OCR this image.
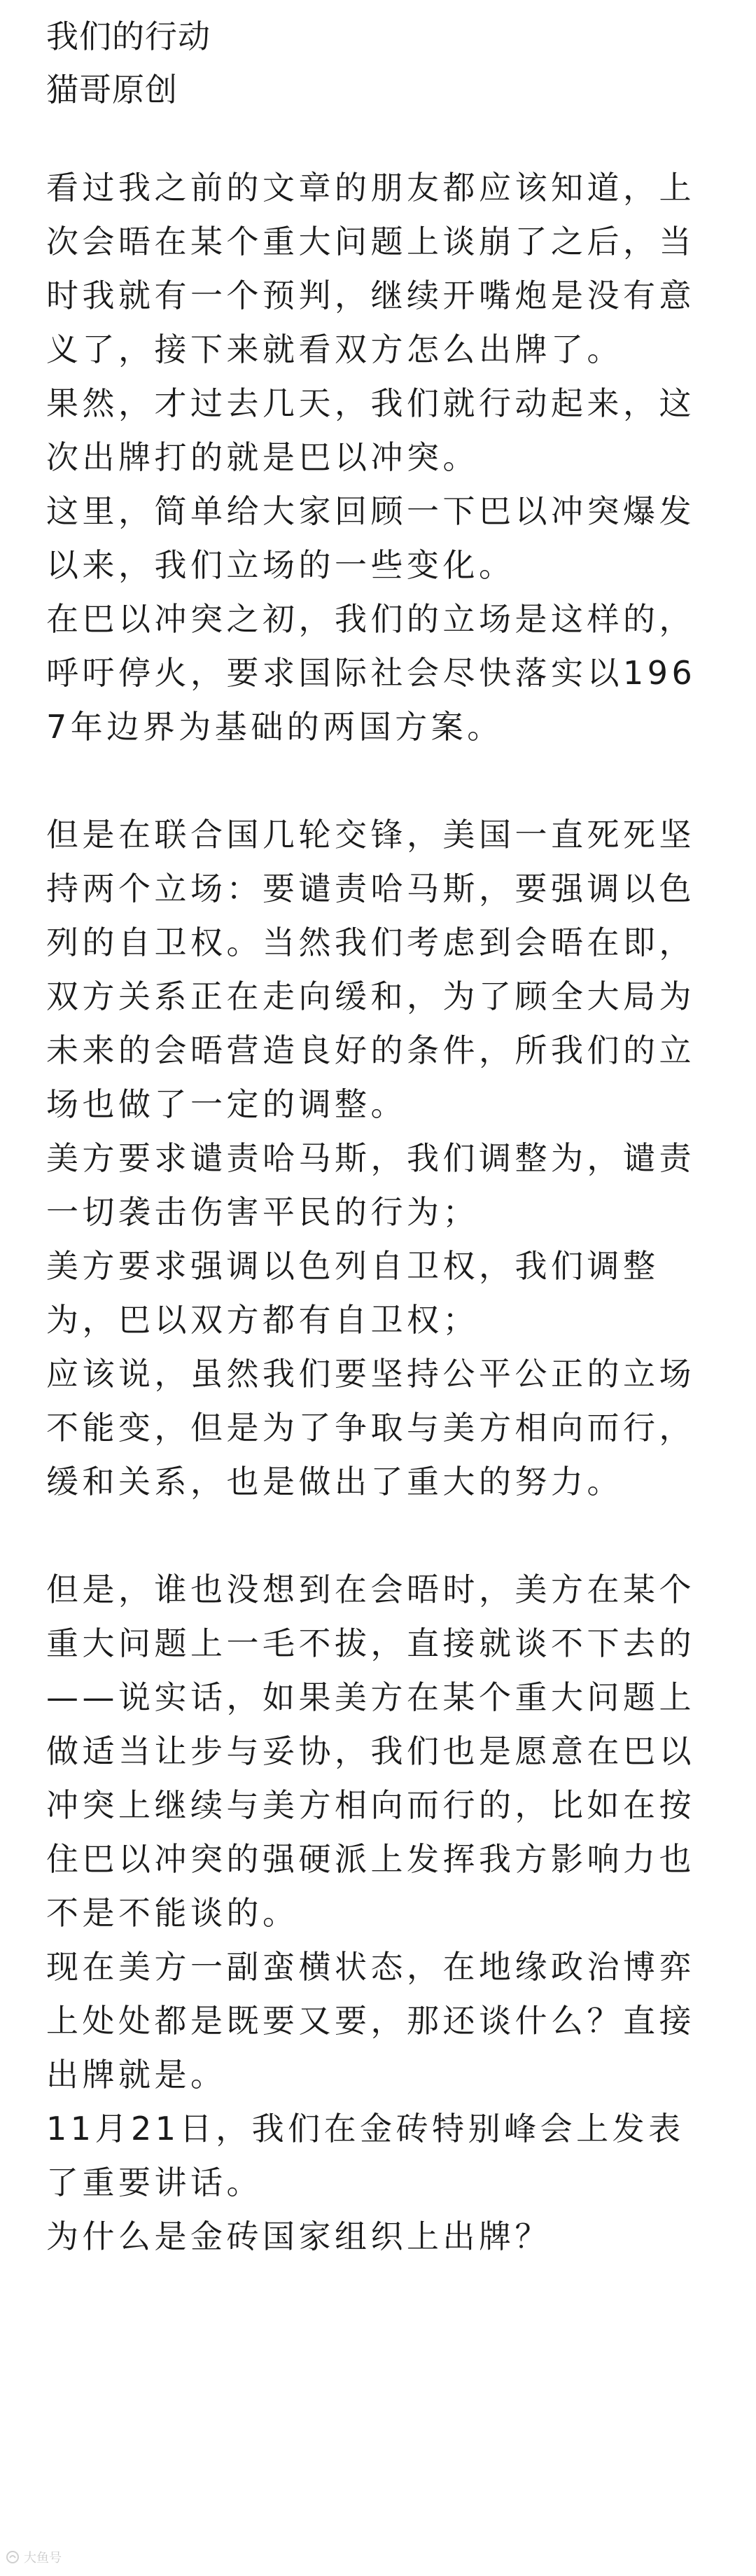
我们的行动
猫哥原创

看过我之前的文章的朋友都应该知道，上次会晤在某个重大问题上谈崩了之后，当时我就有一个预判，继续开嘴炮是没有意义了，接下来就看双方怎么出牌了。

果然，才过去几天，我们就行动起来，这次出牌打的就是巴以冲突。

这里，简单给大家回顾一下巴以冲突爆发以来，我们立场的一些变化。

在巴以冲突之初，我们的立场是这样的，呼吁停火，要求国际社会尽快落实以1967年边界为基础的两国方案。

但是在联合国几轮交锋，美国一直死死坚持两个立场：要谴责哈马斯，要强调以色列的自卫权。当然我们考虑到会晤在即，双方关系正在走向缓和，为了顾全大局为未来的会晤营造良好的条件，所我们的立场也做了一定的调整。

美方要求谴责哈马斯，我们调整为，谴责一切袭击伤害平民的行为；

美方要求强调以色列自卫权，我们调整为，巴以双方都有自卫权；

应该说，虽然我们要坚持公平公正的立场不能变，但是为了争取与美方相向而行，缓和关系，也是做出了重大的努力。

但是，谁也没想到在会晤时，美方在某个重大问题上一毛不拔，直接就谈不下去的——说实话，如果美方在某个重大问题上做适当让步与妥协，我们也是愿意在巴以冲突上继续与美方相向而行的，比如在按住巴以冲突的强硬派上发挥我方影响力也不是不能谈的。

现在美方一副蛮横状态，在地缘政治博弈上处处都是既要又要，那还谈什么？直接出牌就是。

11月21日，我们在金砖特别峰会上发表了重要讲话。

为什么是金砖国家组织上出牌？

大鱼号
